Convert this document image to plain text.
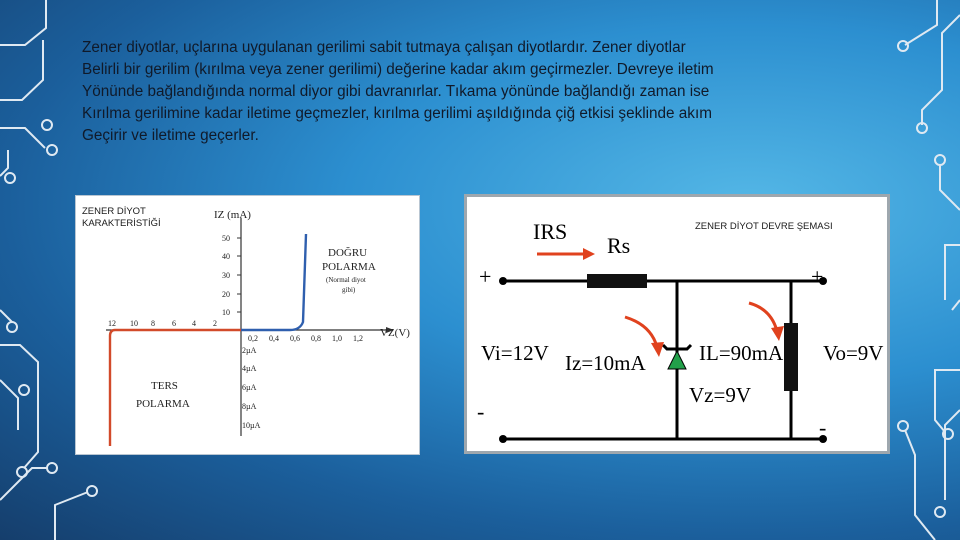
Zener diyotlar, uçlarına uygulanan gerilimi sabit tutmaya çalışan diyotlardır. Zener diyotlar
Belirli bir gerilim (kırılma veya zener gerilimi) değerine kadar akım geçirmezler. Devreye iletim
Yönünde bağlandığında normal diyor gibi davranırlar. Tıkama yönünde bağlandığı zaman ise
Kırılma gerilimine kadar iletime geçmezler, kırılma gerilimi aşıldığında çiğ etkisi şeklinde akım
Geçirir ve iletime geçerler.

ZENER DİYOT
KARAKTERİSTİĞİ
IZ (mA)
50
40
30
20
10
12 10 8 6 4 2
0,2 0,4 0,6 0,8 1,0 1,2 VZ(V)
2µA
4µA
6µA
8µA
10µA
DOĞRU
POLARMA
(Normal diyot
gibi)
TERS
POLARMA
ZENER DİYOT DEVRE ŞEMASI
IRS
Rs
+	+
Vi=12V Iz=10mA	IL=90mA Vo=9V
Vz=9V
-
-
